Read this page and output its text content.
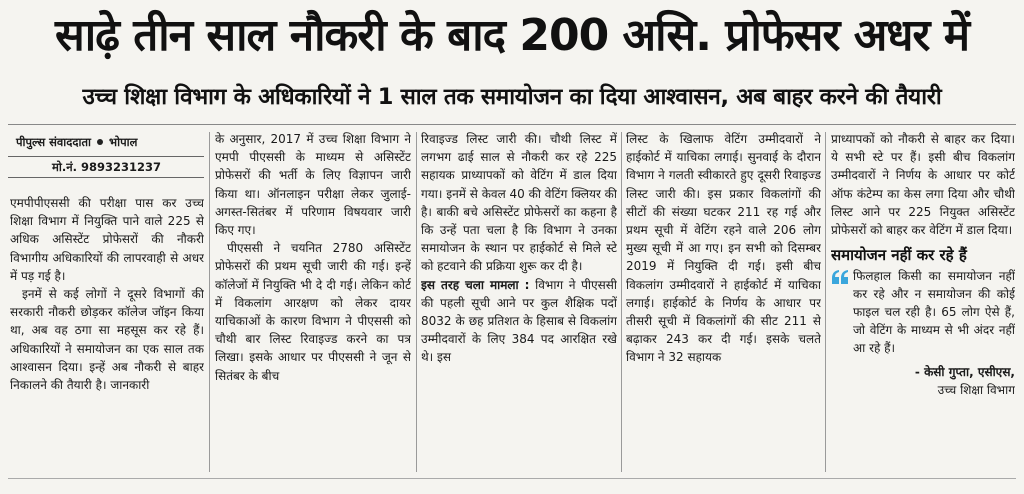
साढ़े तीन साल नौकरी के बाद 200 असि. प्रोफेसर अधर में
उच्च शिक्षा विभाग के अधिकारियों ने 1 साल तक समायोजन का दिया आश्वासन, अब बाहर करने की तैयारी
पीपुल्स संवाददाता भोपाल
मो.नं. 9893231237

एमपीपीएससी की परीक्षा पास कर उच्च शिक्षा विभाग में नियुक्ति पाने वाले 225 से अधिक असिस्टेंट प्रोफेसरों की नौकरी विभागीय अधिकारियों की लापरवाही से अधर में पड़ गई है।

इनमें से कई लोगों ने दूसरे विभागों की सरकारी नौकरी छोड़कर कॉलेज जॉइन किया था, अब वह ठगा सा महसूस कर रहे हैं। अधिकारियों ने समायोजन का एक साल तक आश्वासन दिया। इन्हें अब नौकरी से बाहर निकालने की तैयारी है। जानकारी

के अनुसार, 2017 में उच्च शिक्षा विभाग ने एमपी पीएससी के माध्यम से असिस्टेंट प्रोफेसरों की भर्ती के लिए विज्ञापन जारी किया था। ऑनलाइन परीक्षा लेकर जुलाई-अगस्त-सितंबर में परिणाम विषयवार जारी किए गए।

पीएससी ने चयनित 2780 असिस्टेंट प्रोफेसरों की प्रथम सूची जारी की गई। इन्हें कॉलेजों में नियुक्ति भी दे दी गई। लेकिन कोर्ट में विकलांग आरक्षण को लेकर दायर याचिकाओं के कारण विभाग ने पीएससी को चौथी बार लिस्ट रिवाइज्ड करने का पत्र लिखा। इसके आधार पर पीएससी ने जून से सितंबर के बीच

रिवाइज्ड लिस्ट जारी की। चौथी लिस्ट में लगभग ढाई साल से नौकरी कर रहे 225 सहायक प्राध्यापकों को वेटिंग में डाल दिया गया। इनमें से केवल 40 की वेटिंग क्लियर की है। बाकी बचे असिस्टेंट प्रोफेसरों का कहना है कि उन्हें पता चला है कि विभाग ने उनका समायोजन के स्थान पर हाईकोर्ट से मिले स्टे को हटवाने की प्रक्रिया शुरू कर दी है।

इस तरह चला मामला : विभाग ने पीएससी की पहली सूची आने पर कुल शैक्षिक पदों 8032 के छह प्रतिशत के हिसाब से विकलांग उम्मीदवारों के लिए 384 पद आरक्षित रखे थे। इस

लिस्ट के खिलाफ वेटिंग उम्मीदवारों ने हाईकोर्ट में याचिका लगाई। सुनवाई के दौरान विभाग ने गलती स्वीकारते हुए दूसरी रिवाइज्ड लिस्ट जारी की। इस प्रकार विकलांगों की सीटों की संख्या घटकर 211 रह गई और प्रथम सूची में वेटिंग रहने वाले 206 लोग मुख्य सूची में आ गए। इन सभी को दिसम्बर 2019 में नियुक्ति दी गई। इसी बीच विकलांग उम्मीदवारों ने हाईकोर्ट में याचिका लगाई। हाईकोर्ट के निर्णय के आधार पर तीसरी सूची में विकलांगों की सीट 211 से बढ़ाकर 243 कर दी गई। इसके चलते विभाग ने 32 सहायक

प्राध्यापकों को नौकरी से बाहर कर दिया। ये सभी स्टे पर हैं। इसी बीच विकलांग उम्मीदवारों ने निर्णय के आधार पर कोर्ट ऑफ कंटेम्प का केस लगा दिया और चौथी लिस्ट आने पर 225 नियुक्त असिस्टेंट प्रोफेसरों को बाहर कर वेटिंग में डाल दिया।

समायोजन नहीं कर रहे हैं
फिलहाल किसी का समायोजन नहीं कर रहे और न समायोजन की कोई फाइल चल रही है। 65 लोग ऐसे हैं, जो वेटिंग के माध्यम से भी अंदर नहीं आ रहे हैं।
- केसी गुप्ता, एसीएस,
उच्च शिक्षा विभाग
